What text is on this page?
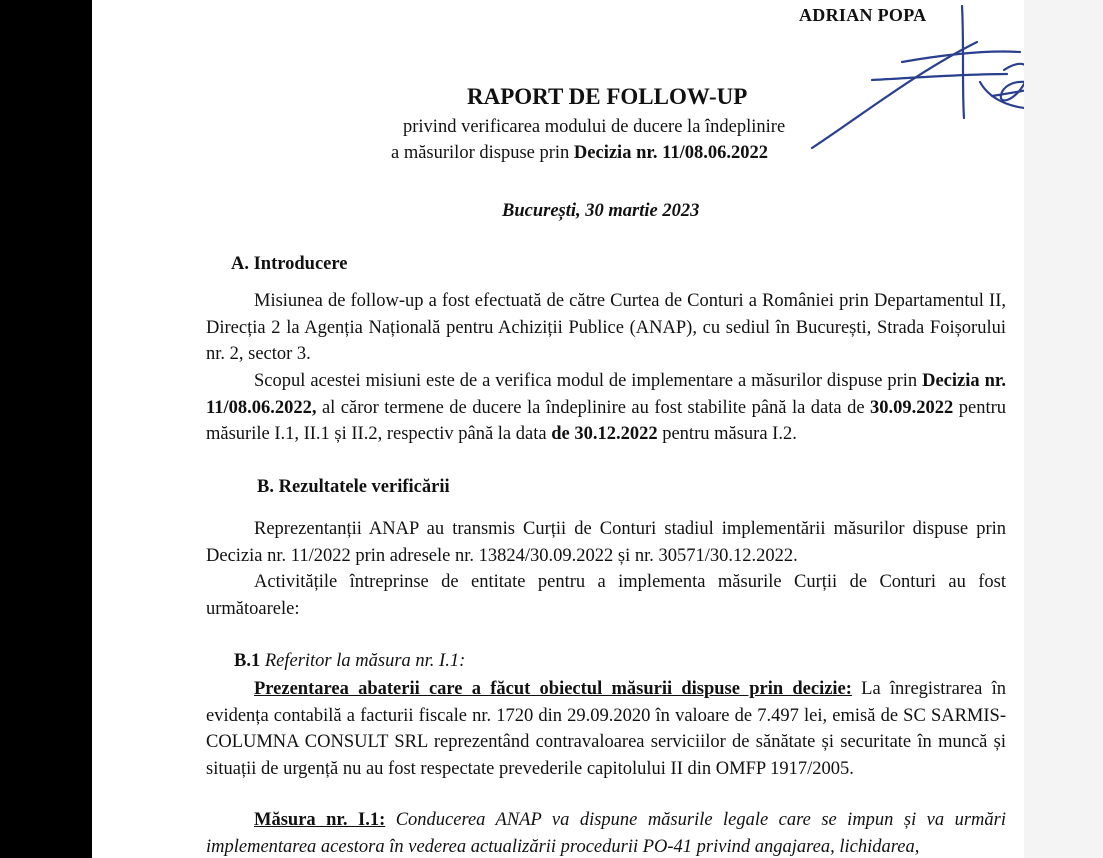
ADRIAN POPA
RAPORT DE FOLLOW-UP
privind verificarea modului de ducere la îndeplinire
a măsurilor dispuse prin Decizia nr. 11/08.06.2022
București, 30 martie 2023
A. Introducere
Misiunea de follow-up a fost efectuată de către Curtea de Conturi a României prin Departamentul II, Direcția 2 la Agenția Națională pentru Achiziții Publice (ANAP), cu sediul în București, Strada Foișorului nr. 2, sector 3.
Scopul acestei misiuni este de a verifica modul de implementare a măsurilor dispuse prin Decizia nr. 11/08.06.2022, al căror termene de ducere la îndeplinire au fost stabilite până la data de 30.09.2022 pentru măsurile I.1, II.1 și II.2, respectiv până la data de 30.12.2022 pentru măsura I.2.
B. Rezultatele verificării
Reprezentanții ANAP au transmis Curții de Conturi stadiul implementării măsurilor dispuse prin Decizia nr. 11/2022 prin adresele nr. 13824/30.09.2022 și nr. 30571/30.12.2022.
Activitățile întreprinse de entitate pentru a implementa măsurile Curții de Conturi au fost următoarele:
B.1 Referitor la măsura nr. I.1:
Prezentarea abaterii care a făcut obiectul măsurii dispuse prin decizie: La înregistrarea în evidența contabilă a facturii fiscale nr. 1720 din 29.09.2020 în valoare de 7.497 lei, emisă de SC SARMIS-COLUMNA CONSULT SRL reprezentând contravaloarea serviciilor de sănătate și securitate în muncă și situații de urgență nu au fost respectate prevederile capitolului II din OMFP 1917/2005.
Măsura nr. I.1: Conducerea ANAP va dispune măsurile legale care se impun și va urmări implementarea acestora în vederea actualizării procedurii PO-41 privind angajarea, lichidarea,
